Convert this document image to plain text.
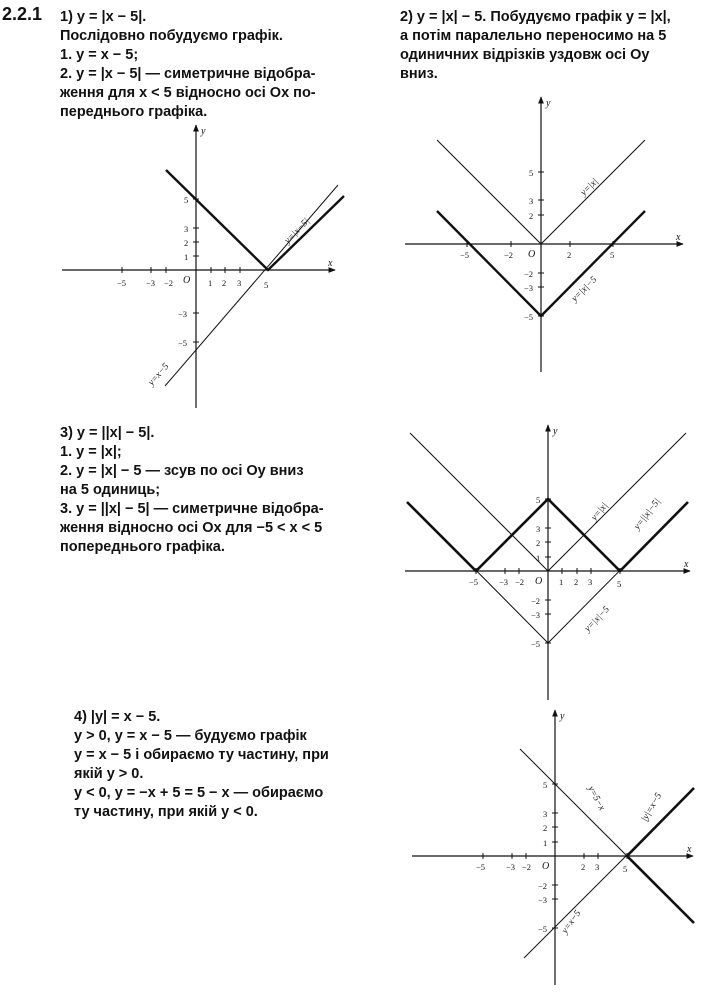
2.2.1 1) y = |x − 5|.
Послідовно побудуємо графік.
1. y = x − 5;
2. y = |x − 5| — симетричне відобра-
ження для x < 5 відносно осі Ox по-
переднього графіка.
2) y = |x| − 5. Побудуємо графік y = |x|,
а потім паралельно переносимо на 5
одиничних відрізків уздовж осі Oy
вниз.
3) y = ||x| − 5|.
1. y = |x|;
2. y = |x| − 5 — зсув по осі Oy вниз
на 5 одиниць;
3. y = ||x| − 5| — симетричне відобра-
ження відносно осі Ox для −5 < x < 5
попереднього графіка.
4) |y| = x − 5.
y > 0, y = x − 5 — будуємо графік
y = x − 5 і обираємо ту частину, при
якій y > 0.
y < 0, y = −x + 5 = 5 − x — обираємо
ту частину, при якій y < 0.
−5 −3 −2	1 2 3	5
5
3
2
1
−3
−5
O
x
y
y=|x−5|
y=x−5
−5	−2	2	5
5
3
2
−2
−3
−5
O
x
y
y=|x|
y=|x|−5
−5 −3 −2	1 2 3	5
5
3
2
1
−2
−3
−5
O
x
y
y=|x| y=||x|−5|
y=|x|−5
−5 −3 −2	2 3	5
5
3
2
1
−2
−3
−5
O
x
y
y=5−x	|y|=x−5
y=x−5
